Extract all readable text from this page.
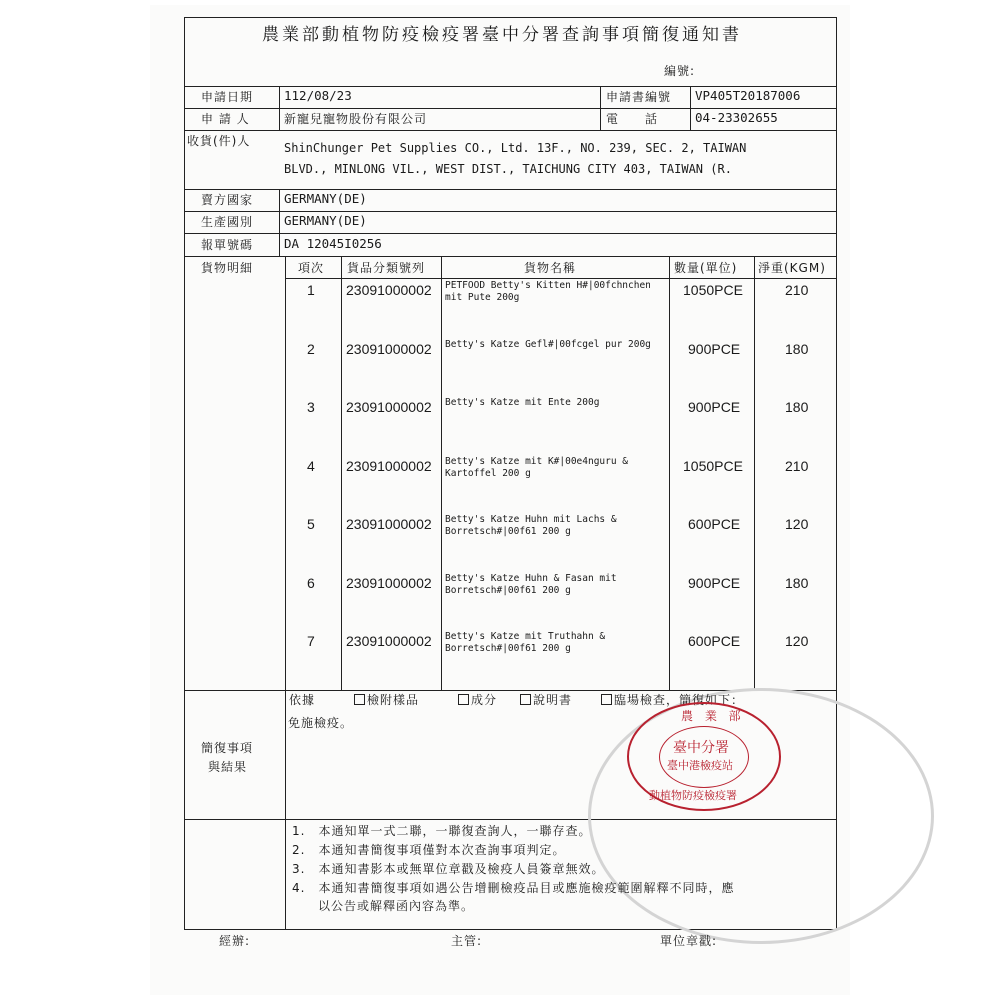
農業部動植物防疫檢疫署臺中分署查詢事項簡復通知書
編號:
申請日期 112/08/23	申請書編號 VP405T20187006
申 請 人	新寵兒寵物股份有限公司	電　　話	04-23302655
收貨(件)人	ShinChunger Pet Supplies CO., Ltd. 13F., NO. 239, SEC. 2, TAIWAN
BLVD., MINLONG VIL., WEST DIST., TAICHUNG CITY 403, TAIWAN (R.
賣方國家 GERMANY(DE)
生產國別 GERMANY(DE)
報單號碼 DA 12045I0256
貨物明細	項次 貨品分類號列	貨物名稱	數量(單位) 淨重(KGM)
1 23091000002 PETFOOD Betty's Kitten H#|00fchnchen
mit Pute 200g	1050PCE	210
2 23091000002 Betty's Katze Gefl#|00fcgel pur 200g	900PCE	180
3 23091000002 Betty's Katze mit Ente 200g	900PCE	180
4 23091000002 Betty's Katze mit K#|00e4nguru &
Kartoffel 200 g	1050PCE	210
5 23091000002 Betty's Katze Huhn mit Lachs &
Borretsch#|00f61 200 g	600PCE	120
6 23091000002 Betty's Katze Huhn & Fasan mit
Borretsch#|00f61 200 g	900PCE	180
7 23091000002 Betty's Katze mit Truthahn &
Borretsch#|00f61 200 g	600PCE	120
依據	檢附樣品	成分	說明書	臨場檢查，簡復如下：
簡復事項
與結果
免施檢疫。	農 業 部
臺中分署
臺中港檢疫站
動植物防疫檢疫署
1.　本通知單一式二聯，一聯復查詢人，一聯存查。
2.　本通知書簡復事項僅對本次查詢事項判定。
3.　本通知書影本或無單位章戳及檢疫人員簽章無效。
4.　本通知書簡復事項如遇公告增刪檢疫品目或應施檢疫範圍解釋不同時，應
　　以公告或解釋函內容為準。
經辦:	主管:	單位章戳:
